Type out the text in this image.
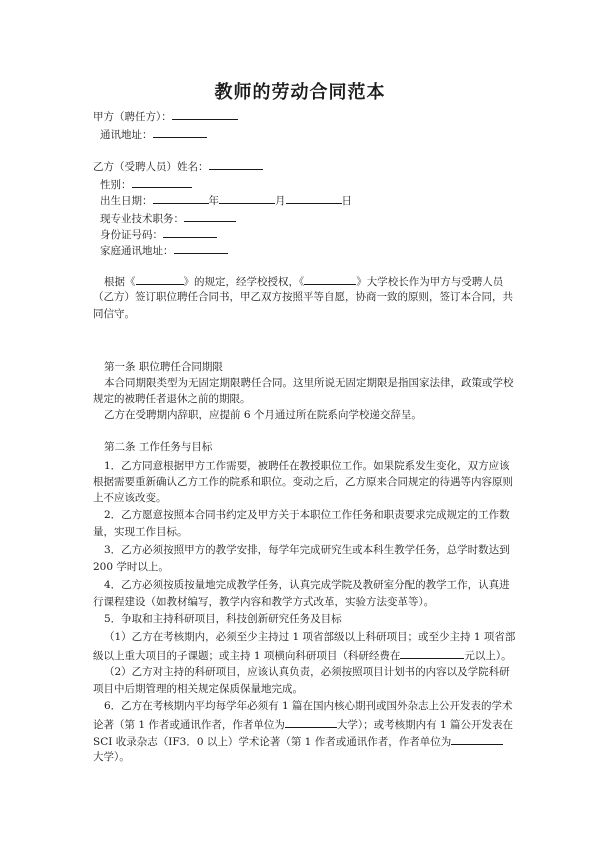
教师的劳动合同范本
甲方（聘任方）：
通讯地址：
乙方（受聘人员）姓名：
性别：
出生日期：	年	月	日
现专业技术职务：
身份证号码：
家庭通讯地址：
根据《	》的规定，经学校授权，《	》大学校长作为甲方与受聘人员
（乙方）签订职位聘任合同书，甲乙双方按照平等自愿，协商一致的原则，签订本合同，共
同信守。
第一条 职位聘任合同期限
本合同期限类型为无固定期限聘任合同。这里所说无固定期限是指国家法律，政策或学校
规定的被聘任者退休之前的期限。
乙方在受聘期内辞职，应提前 6 个月通过所在院系向学校递交辞呈。
第二条 工作任务与目标
1．乙方同意根据甲方工作需要，被聘任在教授职位工作。如果院系发生变化，双方应该
根据需要重新确认乙方工作的院系和职位。变动之后，乙方原来合同规定的待遇等内容原则
上不应该改变。
2．乙方愿意按照本合同书约定及甲方关于本职位工作任务和职责要求完成规定的工作数
量，实现工作目标。
3．乙方必须按照甲方的教学安排，每学年完成研究生或本科生教学任务，总学时数达到
200 学时以上。
4．乙方必须按质按量地完成教学任务，认真完成学院及教研室分配的教学工作，认真进
行课程建设（如教材编写，教学内容和教学方式改革，实验方法变革等）。
5．争取和主持科研项目，科技创新研究任务及目标
（1）乙方在考核期内，必须至少主持过 1 项省部级以上科研项目；或至少主持 1 项省部
级以上重大项目的子课题；或主持 1 项横向科研项目（科研经费在	元以上）。
（2）乙方对主持的科研项目，应该认真负责，必须按照项目计划书的内容以及学院科研
项目中后期管理的相关规定保质保量地完成。
6．乙方在考核期内平均每学年必须有 1 篇在国内核心期刊或国外杂志上公开发表的学术
论著（第 1 作者或通讯作者，作者单位为	大学）；或考核期内有 1 篇公开发表在
SCI 收录杂志（IF3．0 以上）学术论著（第 1 作者或通讯作者，作者单位为
大学）。
